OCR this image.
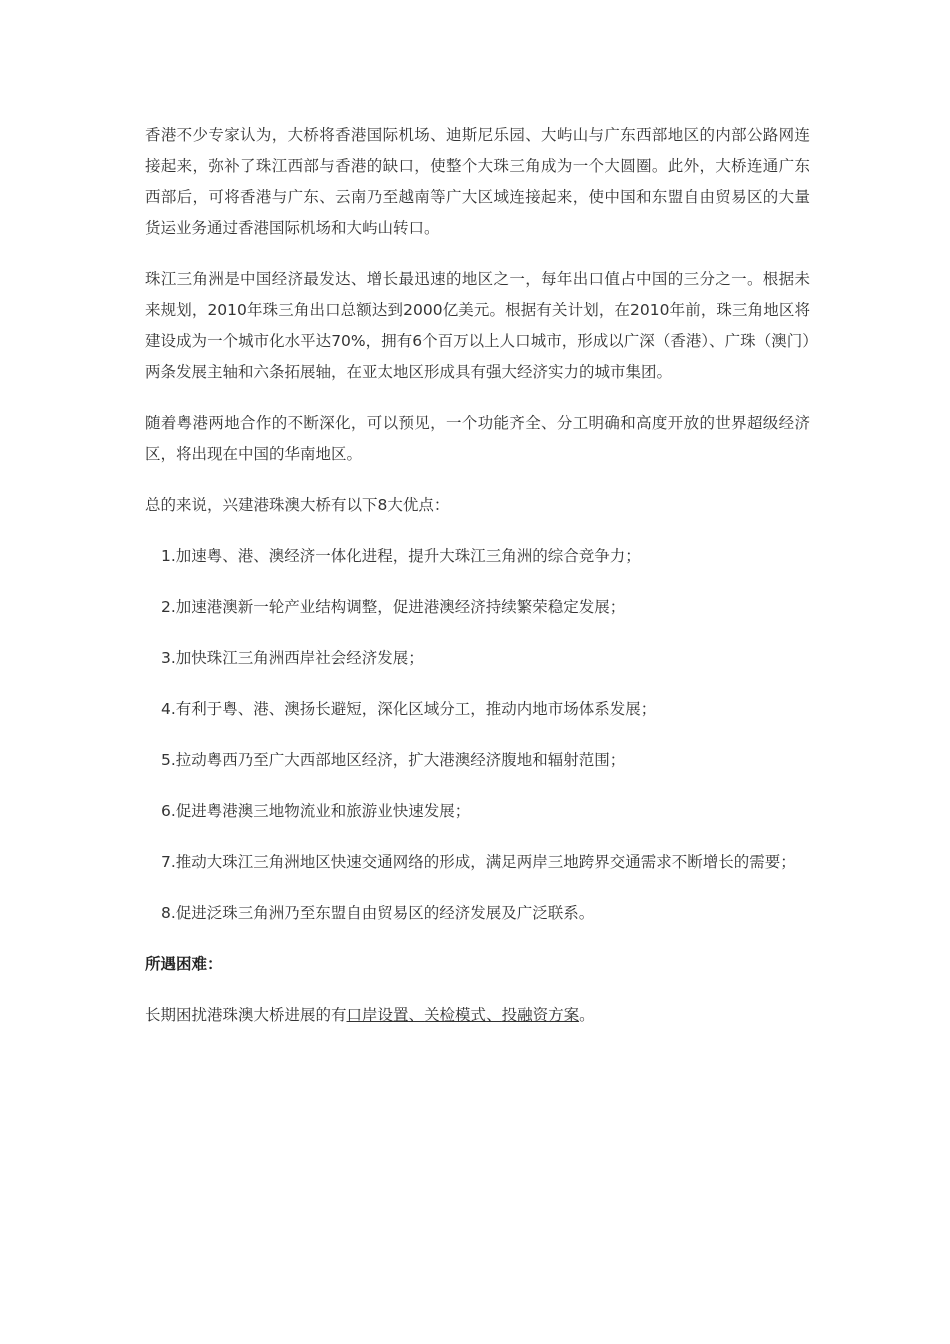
香港不少专家认为，大桥将香港国际机场、迪斯尼乐园、大屿山与广东西部地区的内部公路网连接起来，弥补了珠江西部与香港的缺口，使整个大珠三角成为一个大圆圈。此外，大桥连通广东西部后，可将香港与广东、云南乃至越南等广大区域连接起来，使中国和东盟自由贸易区的大量货运业务通过香港国际机场和大屿山转口。

珠江三角洲是中国经济最发达、增长最迅速的地区之一，每年出口值占中国的三分之一。根据未来规划，2010年珠三角出口总额达到2000亿美元。根据有关计划，在2010年前，珠三角地区将建设成为一个城市化水平达70%，拥有6个百万以上人口城市，形成以广深（香港）、广珠（澳门）两条发展主轴和六条拓展轴，在亚太地区形成具有强大经济实力的城市集团。

随着粤港两地合作的不断深化，可以预见，一个功能齐全、分工明确和高度开放的世界超级经济区，将出现在中国的华南地区。

总的来说，兴建港珠澳大桥有以下8大优点：

1.加速粤、港、澳经济一体化进程，提升大珠江三角洲的综合竞争力；

2.加速港澳新一轮产业结构调整，促进港澳经济持续繁荣稳定发展；

3.加快珠江三角洲西岸社会经济发展；

4.有利于粤、港、澳扬长避短，深化区域分工，推动内地市场体系发展；

5.拉动粤西乃至广大西部地区经济，扩大港澳经济腹地和辐射范围；

6.促进粤港澳三地物流业和旅游业快速发展；

7.推动大珠江三角洲地区快速交通网络的形成，满足两岸三地跨界交通需求不断增长的需要；

8.促进泛珠三角洲乃至东盟自由贸易区的经济发展及广泛联系。

所遇困难：

长期困扰港珠澳大桥进展的有口岸设置、关检模式、投融资方案。
